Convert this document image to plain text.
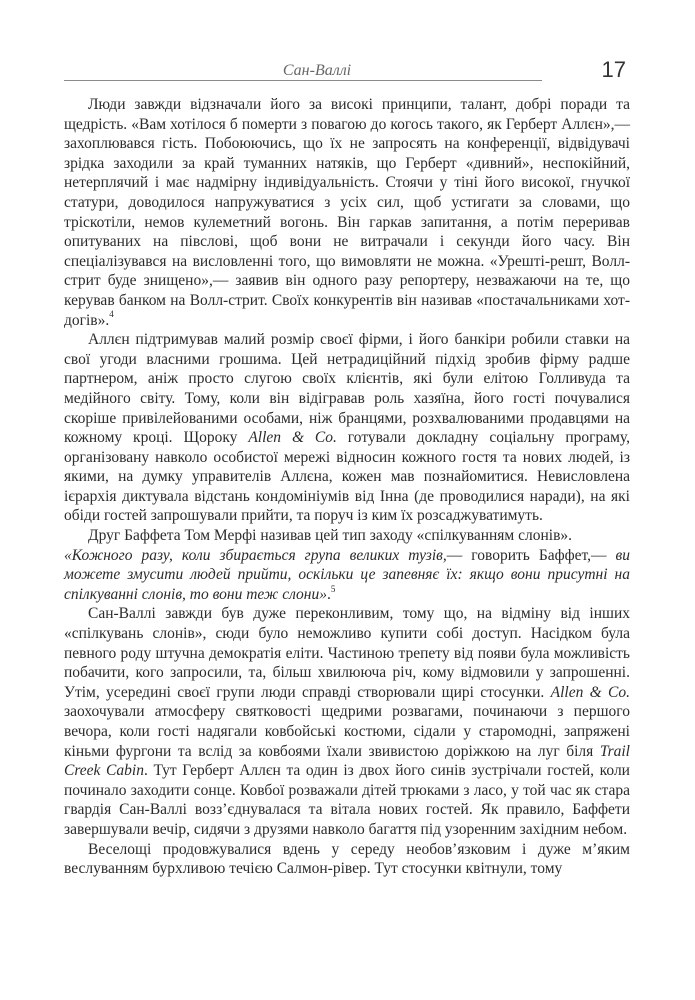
Сан-Валлі	17

Люди завжди відзначали його за високі принципи, талант, добрі поради та щедрість. «Вам хотілося б померти з повагою до когось такого, як Герберт Аллєн»,— захоплювався гість. Побоюючись, що їх не запросять на конференції, відвідувачі зрідка заходили за край туманних натяків, що Герберт «дивний», неспокійний, нетерплячий і має надмірну індивідуальність. Стоячи у тіні його високої, гнучкої статури, доводилося напружуватися з усіх сил, щоб устигати за словами, що тріскотіли, немов кулеметний вогонь. Він гаркав запитання, а потім переривав опитуваних на півслові, щоб вони не витрачали і секунди його часу. Він спеціалізувався на висловленні того, що вимовляти не можна. «Урешті-решт, Волл-стрит буде знищено»,— заявив він одного разу репортеру, незважаючи на те, що керував банком на Волл-стрит. Своїх конкурентів він називав «постачальниками хот-догів».$^4$

Аллєн підтримував малий розмір своєї фірми, і його банкіри робили ставки на свої угоди власними грошима. Цей нетрадиційний підхід зробив фірму радше партнером, аніж просто слугою своїх клієнтів, які були елітою Голливуда та медійного світу. Тому, коли він відігравав роль хазяїна, його гості почувалися скоріше привілейованими особами, ніж бранцями, розхвалюваними продавцями на кожному кроці. Щороку Allen & Co. готували докладну соціальну програму, організовану навколо особистої мережі відносин кожного гостя та нових людей, із якими, на думку управителів Аллєна, кожен мав познайомитися. Невисловлена ієрархія диктувала відстань кондомініумів від Інна (де проводилися наради), на які обіди гостей запрошували прийти, та поруч із ким їх розсаджуватимуть.

Друг Баффета Том Мерфі називав цей тип заходу «спілкуванням слонів».

«Кожного разу, коли збирається група великих тузів,— говорить Баффет,— ви можете змусити людей прийти, оскільки це запевняє їх: якщо вони присутні на спілкуванні слонів, то вони теж слони».$^5$

Сан-Валлі завжди був дуже переконливим, тому що, на відміну від інших «спілкувань слонів», сюди було неможливо купити собі доступ. Насідком була певного роду штучна демократія еліти. Частиною трепету від появи була можливість побачити, кого запросили, та, більш хвилююча річ, кому відмовили у запрошенні. Утім, усередині своєї групи люди справді створювали щирі стосунки. Allen & Co. заохочували атмосферу святковості щедрими розвагами, починаючи з першого вечора, коли гості надягали ковбойські костюми, сідали у старомодні, запряжені кіньми фургони та вслід за ковбоями їхали звивистою доріжкою на луг біля Trail Creek Cabin. Тут Герберт Аллєн та один із двох його синів зустрічали гостей, коли починало заходити сонце. Ковбої розважали дітей трюками з ласо, у той час як стара гвардія Сан-Валлі возз’єднувалася та вітала нових гостей. Як правило, Баффети завершували вечір, сидячи з друзями навколо багаття під узоренним західним небом.

Веселощі продовжувалися вдень у середу необов’язковим і дуже м’яким веслуванням бурхливою течією Салмон-рівер. Тут стосунки квітнули, тому
